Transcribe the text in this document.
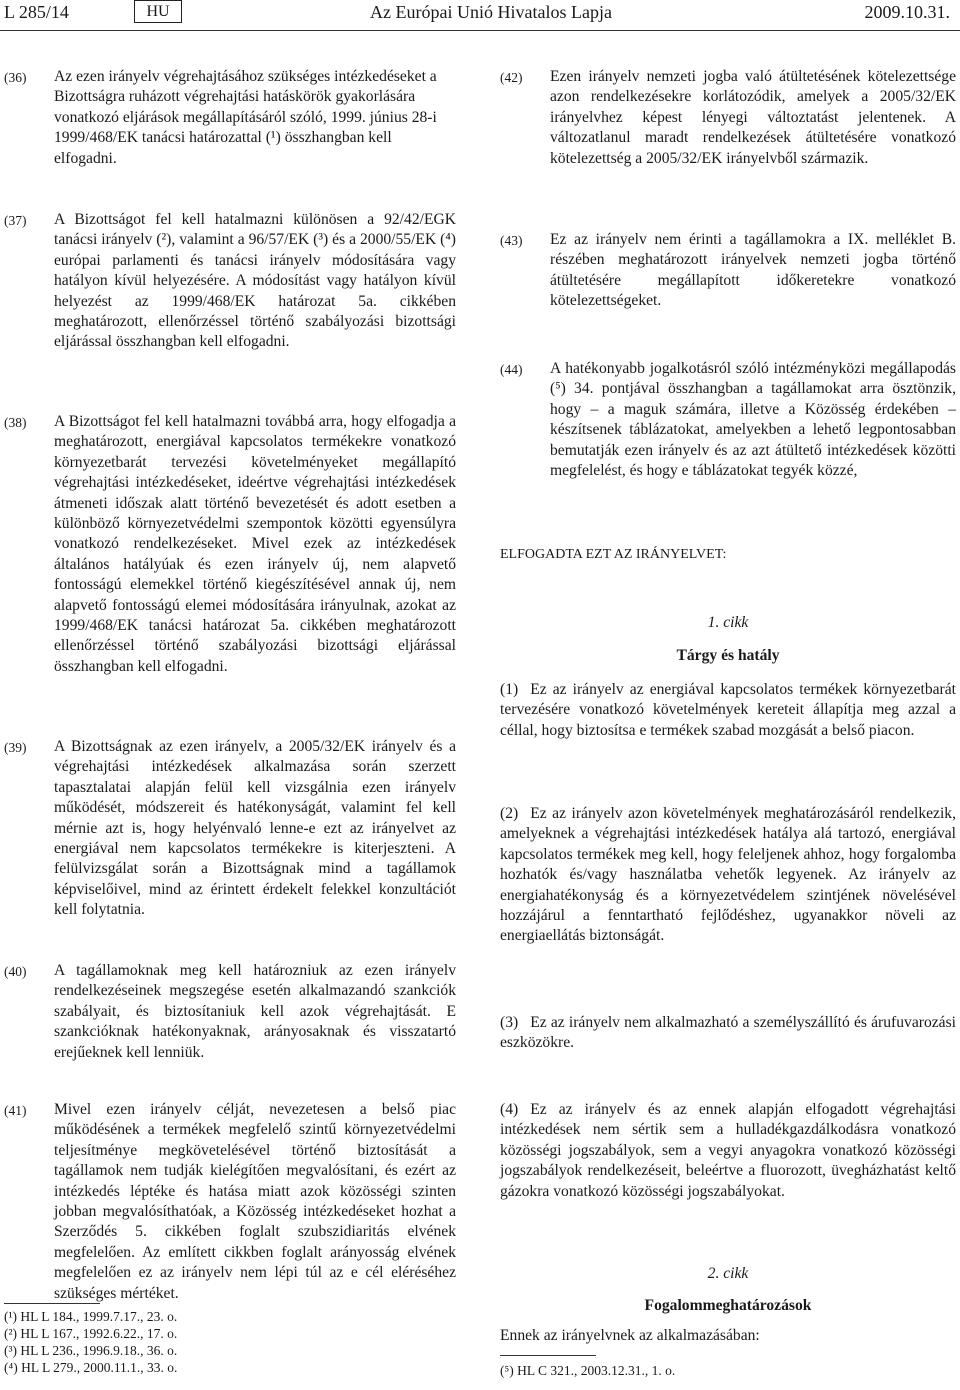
L 285/14	HU	Az Európai Unió Hivatalos Lapja	2009.10.31.
(36) Az ezen irányelv végrehajtásához szükséges intézkedéseket a Bizottságra ruházott végrehajtási hatáskörök gyakorlására vonatkozó eljárások megállapításáról szóló, 1999. június 28-i 1999/468/EK tanácsi határozattal (¹) összhangban kell elfogadni.
(37) A Bizottságot fel kell hatalmazni különösen a 92/42/EGK tanácsi irányelv (²), valamint a 96/57/EK (³) és a 2000/55/EK (⁴) európai parlamenti és tanácsi irányelv módosítására vagy hatályon kívül helyezésére. A módosítást vagy hatályon kívül helyezést az 1999/468/EK határozat 5a. cikkében meghatározott, ellenőrzéssel történő szabályozási bizottsági eljárással összhangban kell elfogadni.
(38) A Bizottságot fel kell hatalmazni továbbá arra, hogy elfogadja a meghatározott, energiával kapcsolatos termékekre vonatkozó környezetbarát tervezési követelményeket megállapító végrehajtási intézkedéseket, ideértve végrehajtási intézkedések átmeneti időszak alatt történő bevezetését és adott esetben a különböző környezetvédelmi szempontok közötti egyensúlyra vonatkozó rendelkezéseket. Mivel ezek az intézkedések általános hatályúak és ezen irányelv új, nem alapvető fontosságú elemekkel történő kiegészítésével annak új, nem alapvető fontosságú elemei módosítására irányulnak, azokat az 1999/468/EK tanácsi határozat 5a. cikkében meghatározott ellenőrzéssel történő szabályozási bizottsági eljárással összhangban kell elfogadni.
(39) A Bizottságnak az ezen irányelv, a 2005/32/EK irányelv és a végrehajtási intézkedések alkalmazása során szerzett tapasztalatai alapján felül kell vizsgálnia ezen irányelv működését, módszereit és hatékonyságát, valamint fel kell mérnie azt is, hogy helyénvaló lenne-e ezt az irányelvet az energiával nem kapcsolatos termékekre is kiterjeszteni. A felülvizsgálat során a Bizottságnak mind a tagállamok képviselőivel, mind az érintett érdekelt felekkel konzultációt kell folytatnia.
(40) A tagállamoknak meg kell határozniuk az ezen irányelv rendelkezéseinek megszegése esetén alkalmazandó szankciók szabályait, és biztosítaniuk kell azok végrehajtását. E szankcióknak hatékonyaknak, arányosaknak és visszatartó erejűeknek kell lenniük.
(41) Mivel ezen irányelv célját, nevezetesen a belső piac működésének a termékek megfelelő szintű környezetvédelmi teljesítménye megkövetelésével történő biztosítását a tagállamok nem tudják kielégítően megvalósítani, és ezért az intézkedés léptéke és hatása miatt azok közösségi szinten jobban megvalósíthatóak, a Közösség intézkedéseket hozhat a Szerződés 5. cikkében foglalt szubszidiaritás elvének megfelelően. Az említett cikkben foglalt arányosság elvének megfelelően ez az irányelv nem lépi túl az e cél eléréséhez szükséges mértéket.
(¹) HL L 184., 1999.7.17., 23. o.
(²) HL L 167., 1992.6.22., 17. o.
(³) HL L 236., 1996.9.18., 36. o.
(⁴) HL L 279., 2000.11.1., 33. o.
(42) Ezen irányelv nemzeti jogba való átültetésének kötelezettsége azon rendelkezésekre korlátozódik, amelyek a 2005/32/EK irányelvhez képest lényegi változtatást jelentenek. A változatlanul maradt rendelkezések átültetésére vonatkozó kötelezettség a 2005/32/EK irányelvből származik.
(43) Ez az irányelv nem érinti a tagállamokra a IX. melléklet B. részében meghatározott irányelvek nemzeti jogba történő átültetésére megállapított időkeretekre vonatkozó kötelezettségeket.
(44) A hatékonyabb jogalkotásról szóló intézményközi megállapodás (⁵) 34. pontjával összhangban a tagállamokat arra ösztönzik, hogy – a maguk számára, illetve a Közösség érdekében – készítsenek táblázatokat, amelyekben a lehető legpontosabban bemutatják ezen irányelv és az azt átültető intézkedések közötti megfelelést, és hogy e táblázatokat tegyék közzé,
ELFOGADTA EZT AZ IRÁNYELVET:
1. cikk
Tárgy és hatály
(1) Ez az irányelv az energiával kapcsolatos termékek környezetbarát tervezésére vonatkozó követelmények kereteit állapítja meg azzal a céllal, hogy biztosítsa e termékek szabad mozgását a belső piacon.
(2) Ez az irányelv azon követelmények meghatározásáról rendelkezik, amelyeknek a végrehajtási intézkedések hatálya alá tartozó, energiával kapcsolatos termékek meg kell, hogy feleljenek ahhoz, hogy forgalomba hozhatók és/vagy használatba vehetők legyenek. Az irányelv az energiahatékonyság és a környezetvédelem szintjének növelésével hozzájárul a fenntartható fejlődéshez, ugyanakkor növeli az energiaellátás biztonságát.
(3) Ez az irányelv nem alkalmazható a személyszállító és árufuvarozási eszközökre.
(4) Ez az irányelv és az ennek alapján elfogadott végrehajtási intézkedések nem sértik sem a hulladékgazdálkodásra vonatkozó közösségi jogszabályok, sem a vegyi anyagokra vonatkozó közösségi jogszabályok rendelkezéseit, beleértve a fluorozott, üvegházhatást keltő gázokra vonatkozó közösségi jogszabályokat.
2. cikk
Fogalommeghatározások
Ennek az irányelvnek az alkalmazásában:
(⁵) HL C 321., 2003.12.31., 1. o.
